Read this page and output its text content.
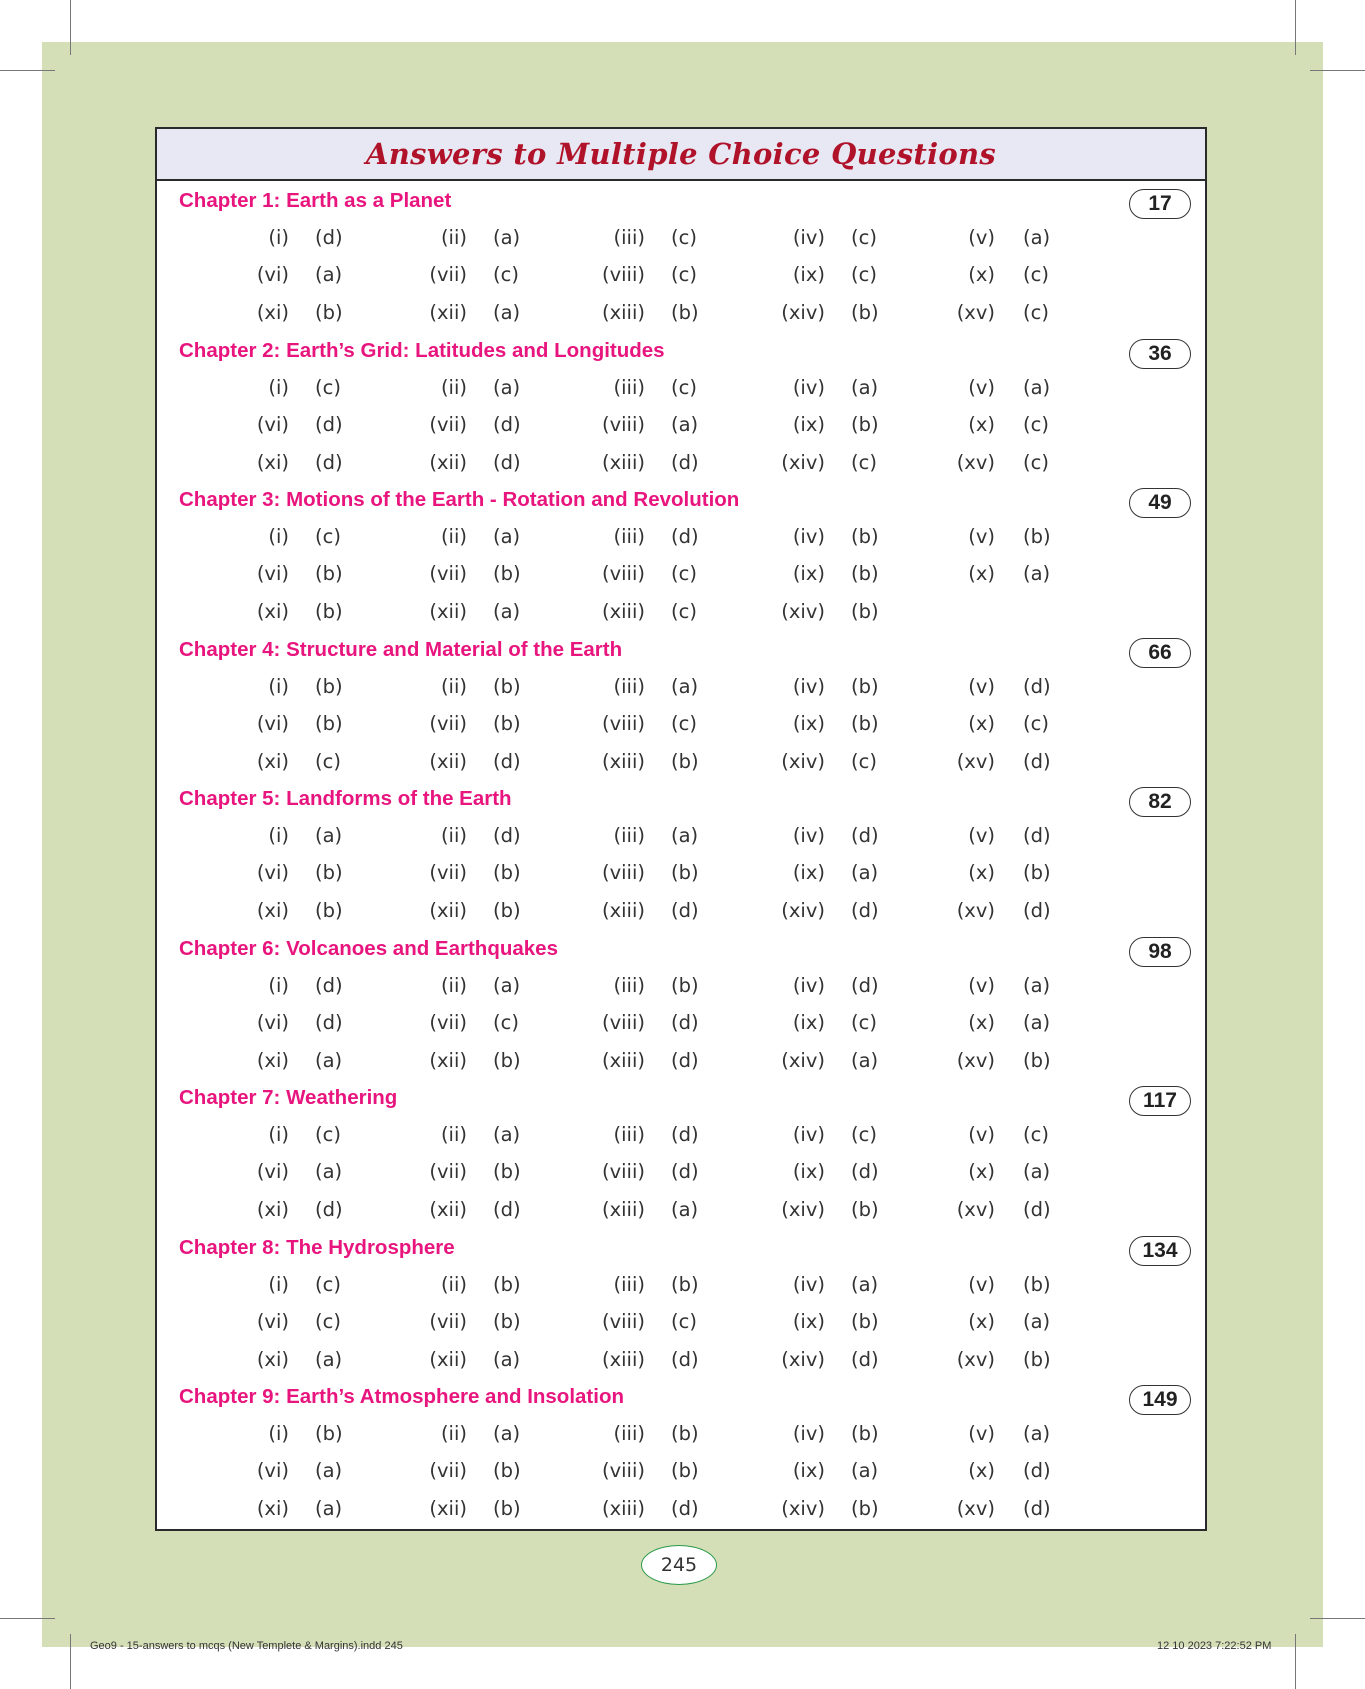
Answers to Multiple Choice Questions
Chapter 1: Earth as a Planet	17
(i) (d)	(ii) (a)	(iii) (c)	(iv) (c)	(v) (a)
(vi) (a)	(vii) (c)	(viii) (c)	(ix) (c)	(x) (c)
(xi) (b)	(xii) (a)	(xiii) (b)	(xiv) (b)	(xv) (c)
Chapter 2: Earth’s Grid: Latitudes and Longitudes	36
(i) (c)	(ii) (a)	(iii) (c)	(iv) (a)	(v) (a)
(vi) (d)	(vii) (d)	(viii) (a)	(ix) (b)	(x) (c)
(xi) (d)	(xii) (d)	(xiii) (d)	(xiv) (c)	(xv) (c)
Chapter 3: Motions of the Earth - Rotation and Revolution	49
(i) (c)	(ii) (a)	(iii) (d)	(iv) (b)	(v) (b)
(vi) (b)	(vii) (b)	(viii) (c)	(ix) (b)	(x) (a)
(xi) (b)	(xii) (a)	(xiii) (c)	(xiv) (b)
Chapter 4: Structure and Material of the Earth	66
(i) (b)	(ii) (b)	(iii) (a)	(iv) (b)	(v) (d)
(vi) (b)	(vii) (b)	(viii) (c)	(ix) (b)	(x) (c)
(xi) (c)	(xii) (d)	(xiii) (b)	(xiv) (c)	(xv) (d)
Chapter 5: Landforms of the Earth	82
(i) (a)	(ii) (d)	(iii) (a)	(iv) (d)	(v) (d)
(vi) (b)	(vii) (b)	(viii) (b)	(ix) (a)	(x) (b)
(xi) (b)	(xii) (b)	(xiii) (d)	(xiv) (d)	(xv) (d)
Chapter 6: Volcanoes and Earthquakes	98
(i) (d)	(ii) (a)	(iii) (b)	(iv) (d)	(v) (a)
(vi) (d)	(vii) (c)	(viii) (d)	(ix) (c)	(x) (a)
(xi) (a)	(xii) (b)	(xiii) (d)	(xiv) (a)	(xv) (b)
Chapter 7: Weathering	117
(i) (c)	(ii) (a)	(iii) (d)	(iv) (c)	(v) (c)
(vi) (a)	(vii) (b)	(viii) (d)	(ix) (d)	(x) (a)
(xi) (d)	(xii) (d)	(xiii) (a)	(xiv) (b)	(xv) (d)
Chapter 8: The Hydrosphere	134
(i) (c)	(ii) (b)	(iii) (b)	(iv) (a)	(v) (b)
(vi) (c)	(vii) (b)	(viii) (c)	(ix) (b)	(x) (a)
(xi) (a)	(xii) (a)	(xiii) (d)	(xiv) (d)	(xv) (b)
Chapter 9: Earth’s Atmosphere and Insolation	149
(i) (b)	(ii) (a)	(iii) (b)	(iv) (b)	(v) (a)
(vi) (a)	(vii) (b)	(viii) (b)	(ix) (a)	(x) (d)
(xi) (a)	(xii) (b)	(xiii) (d)	(xiv) (b)	(xv) (d)
245
Geo9 - 15-answers to mcqs (New Templete & Margins).indd 245	12 10 2023 7:22:52 PM
